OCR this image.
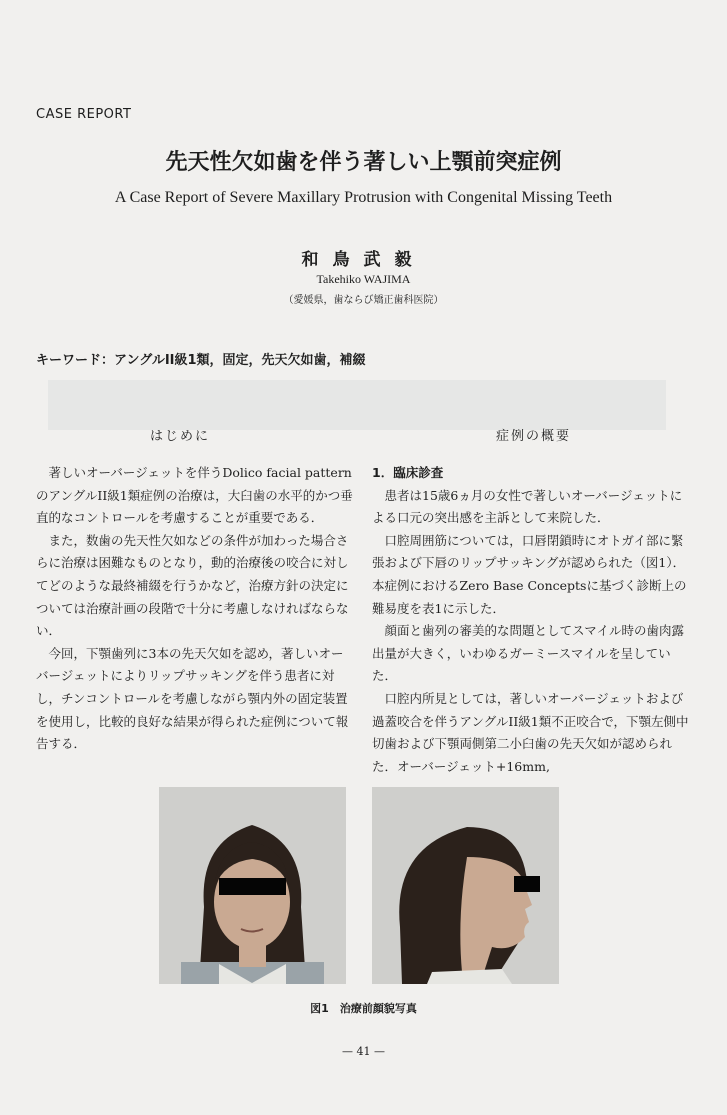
CASE REPORT
先天性欠如歯を伴う著しい上顎前突症例
A Case Report of Severe Maxillary Protrusion with Congenital Missing Teeth
和鳥武毅
Takehiko WAJIMA
（愛媛県，歯ならび矯正歯科医院）
キーワード：アングルII級1類，固定，先天欠如歯，補綴
はじめに	症例の概要

著しいオーバージェットを伴うDolico facial patternのアングルII級1類症例の治療は，大臼歯の水平的かつ垂直的なコントロールを考慮することが重要である．

また，数歯の先天性欠如などの条件が加わった場合さらに治療は困難なものとなり，動的治療後の咬合に対してどのような最終補綴を行うかなど，治療方針の決定については治療計画の段階で十分に考慮しなければならない．

今回，下顎歯列に3本の先天欠如を認め，著しいオーバージェットによりリップサッキングを伴う患者に対し，チンコントロールを考慮しながら顎内外の固定装置を使用し，比較的良好な結果が得られた症例について報告する．

1．臨床診査

患者は15歳6ヵ月の女性で著しいオーバージェットによる口元の突出感を主訴として来院した．

口腔周囲筋については，口唇閉鎖時にオトガイ部に緊張および下唇のリップサッキングが認められた（図1）．本症例におけるZero Base Conceptsに基づく診断上の難易度を表1に示した．

顔面と歯列の審美的な問題としてスマイル時の歯肉露出量が大きく，いわゆるガーミースマイルを呈していた．

口腔内所見としては，著しいオーバージェットおよび過蓋咬合を伴うアングルII級1類不正咬合で，下顎左側中切歯および下顎両側第二小臼歯の先天欠如が認められた．オーバージェット+16mm,

図1　治療前顔貌写真
— 41 —
